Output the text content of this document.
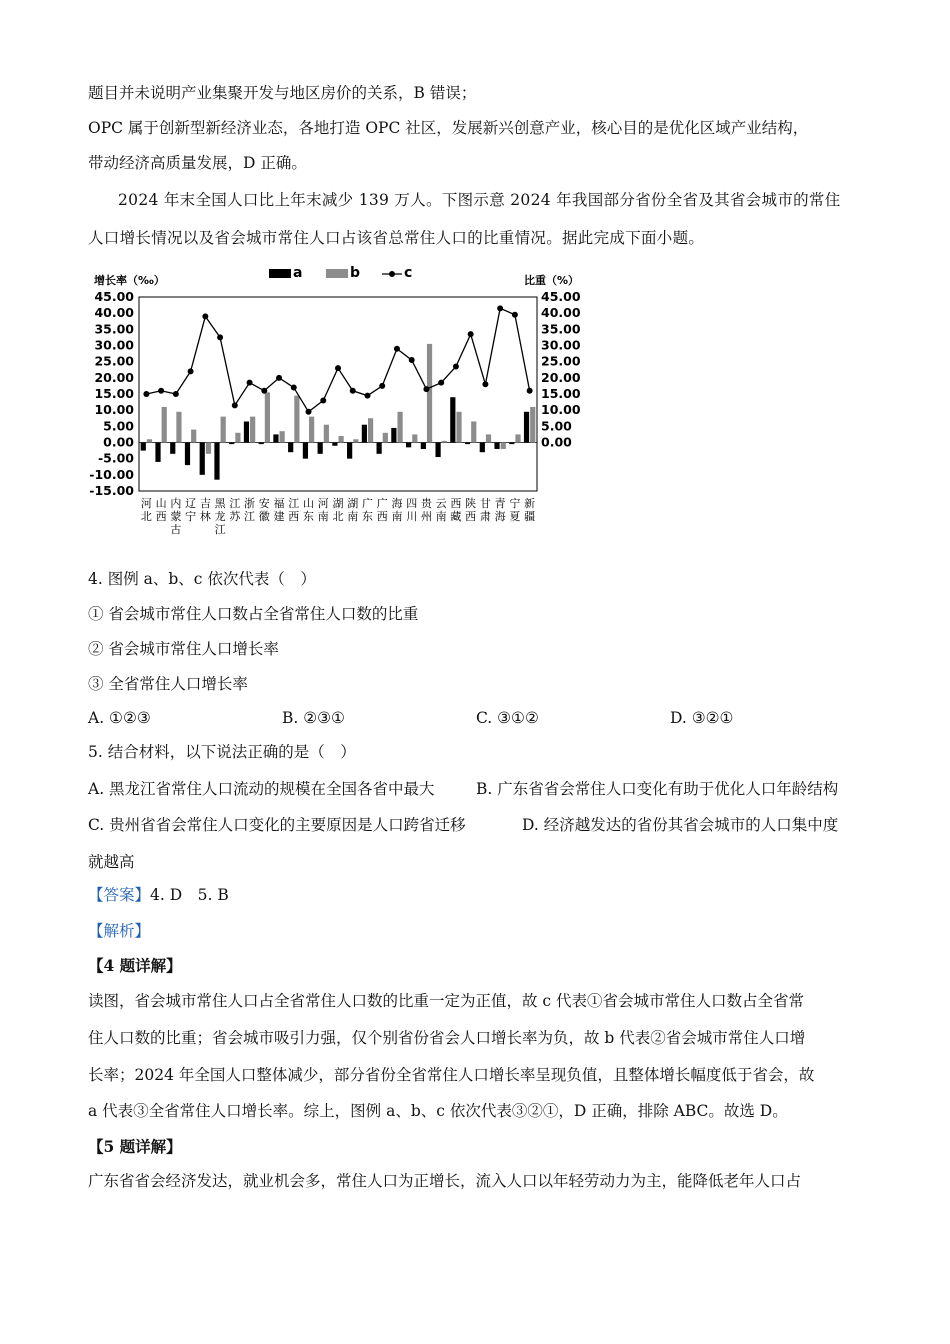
题目并未说明产业集聚开发与地区房价的关系，B 错误；
OPC 属于创新型新经济业态，各地打造 OPC 社区，发展新兴创意产业，核心目的是优化区域产业结构，
带动经济高质量发展，D 正确。
2024 年末全国人口比上年末减少 139 万人。下图示意 2024 年我国部分省份全省及其省会城市的常住
人口增长情况以及省会城市常住人口占该省总常住人口的比重情况。据此完成下面小题。
45.00
40.00
35.00
30.00
25.00
20.00
15.00
10.00
5.00
0.00
-5.00
-10.00
-15.00
45.00
40.00
35.00
30.00
25.00
20.00
15.00
10.00
5.00
0.00
增长率（‰）	比重（%）
河北
山西
内蒙古
辽宁
吉林
黑龙江
江苏
浙江
安徽
福建
江西
山东
河南
湖北
湖南
广东
广西
海南
四川
贵州
云南
西藏
陕西
甘肃
青海
宁夏
新疆
a	b	c
4. 图例 a、b、c 依次代表（　）
① 省会城市常住人口数占全省常住人口数的比重
② 省会城市常住人口增长率
③ 全省常住人口增长率
A. ①②③	B. ②③①	C. ③①②	D. ③②①
5. 结合材料，以下说法正确的是（　）
A. 黑龙江省常住人口流动的规模在全国各省中最大	B. 广东省省会常住人口变化有助于优化人口年龄结构
C. 贵州省省会常住人口变化的主要原因是人口跨省迁移	D. 经济越发达的省份其省会城市的人口集中度
就越高
【答案】4. D　5. B
【解析】
【4 题详解】
读图，省会城市常住人口占全省常住人口数的比重一定为正值，故 c 代表①省会城市常住人口数占全省常
住人口数的比重；省会城市吸引力强，仅个别省份省会人口增长率为负，故 b 代表②省会城市常住人口增
长率；2024 年全国人口整体减少，部分省份全省常住人口增长率呈现负值，且整体增长幅度低于省会，故
a 代表③全省常住人口增长率。综上，图例 a、b、c 依次代表③②①，D 正确，排除 ABC。故选 D。
【5 题详解】
广东省省会经济发达，就业机会多，常住人口为正增长，流入人口以年轻劳动力为主，能降低老年人口占
